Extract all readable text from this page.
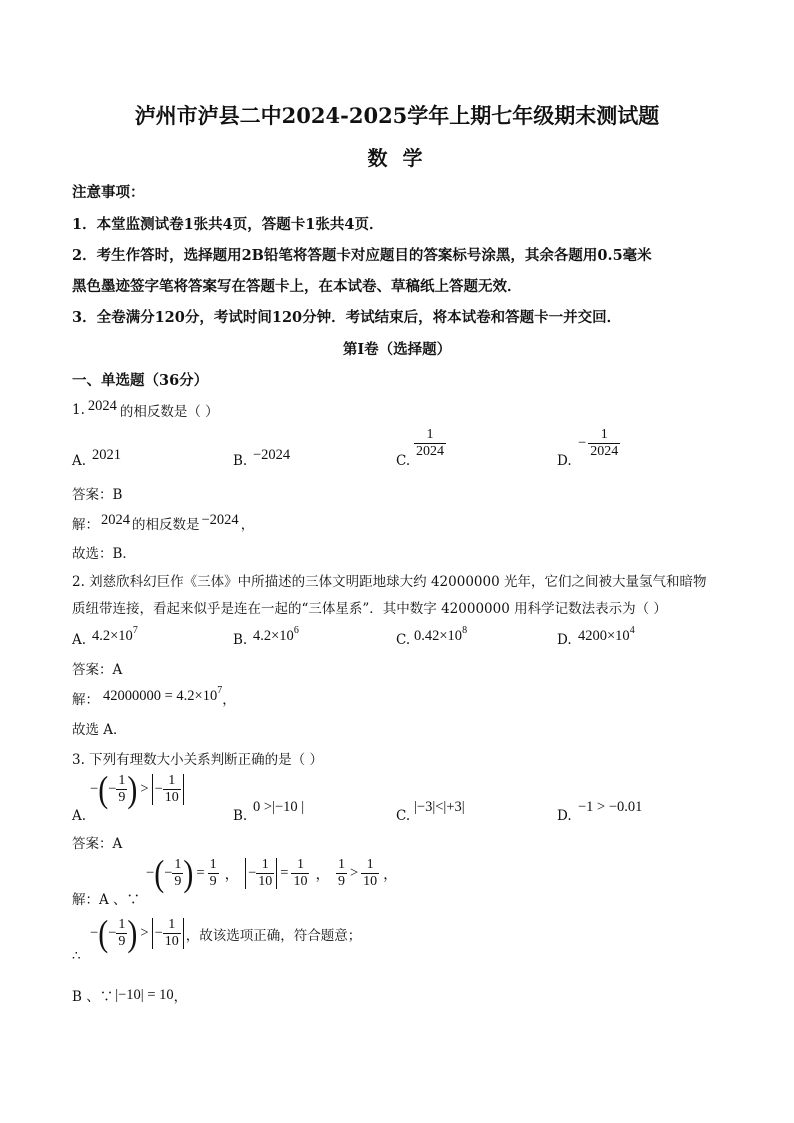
泸州市泸县二中2024-2025学年上期七年级期末测试题
数 学
注意事项：
1．本堂监测试卷1张共4页，答题卡1张共4页．
2．考生作答时，选择题用2B铅笔将答题卡对应题目的答案标号涂黑，其余各题用0.5毫米
黑色墨迹签字笔将答案写在答题卡上，在本试卷、草稿纸上答题无效．
3．全卷满分120分，考试时间120分钟．考试结束后，将本试卷和答题卡一并交回．
第Ⅰ卷（选择题）
一、单选题（36分）
1. 2024 的相反数是（ ）
A. 2021	B. −2024	C.
$\frac{1}{2024}$
D.
− $\frac{1}{2024}$
答案：B
解： 2024 的相反数是 −2024 ，
故选：B．
2. 刘慈欣科幻巨作《三体》中所描述的三体文明距地球大约 42000000 光年，它们之间被大量氢气和暗物
质纽带连接，看起来似乎是连在一起的“三体星系”．其中数字 42000000 用科学记数法表示为（ ）
A. $4.2\times 10^7$
B. $4.2\times 10^6$
C. $0.42\times 10^8$
D. $4200\times 10^4$
答案：A
解： $42000000 = 4.2\times 10^7$
，
故选 A．
3. 下列有理数大小关系判断正确的是（ ）
A.
− ( − $\frac{1}{9}$ ) > − $\frac{1}{10}$
B.
0 >|−10 |
C.
|−3|<|+3|
D.
−1 > −0.01
答案：A
解：A 、∵
− ( − $\frac{1}{9}$ ) = $\frac{1}{9}$ ， − $\frac{1}{10} = \frac{1}{10}$ ， $\frac{1}{9} > \frac{1}{10}$ ，
∴
− ( − $\frac{1}{9}$ ) > − $\frac{1}{10}$ ，故该选项正确，符合题意；
B 、∵ |−10| = 10 ，
